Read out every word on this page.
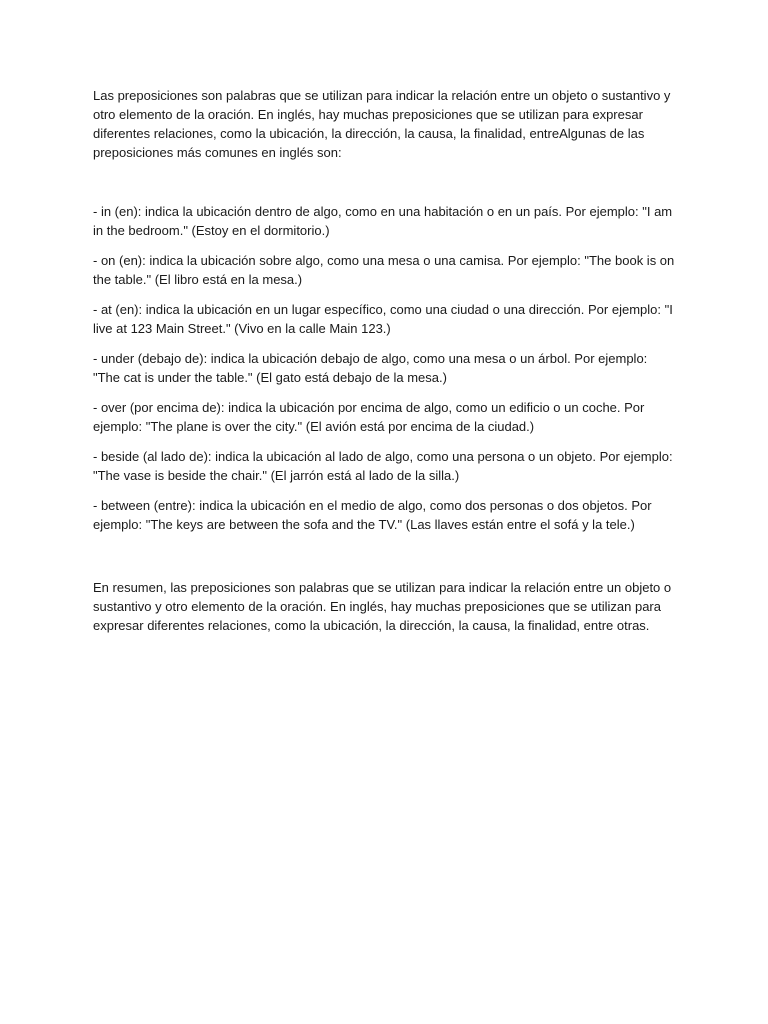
Las preposiciones son palabras que se utilizan para indicar la relación entre un objeto o sustantivo y otro elemento de la oración. En inglés, hay muchas preposiciones que se utilizan para expresar diferentes relaciones, como la ubicación, la dirección, la causa, la finalidad, entreAlgunas de las preposiciones más comunes en inglés son:

- in (en): indica la ubicación dentro de algo, como en una habitación o en un país. Por ejemplo: "I am in the bedroom." (Estoy en el dormitorio.)

- on (en): indica la ubicación sobre algo, como una mesa o una camisa. Por ejemplo: "The book is on the table." (El libro está en la mesa.)

- at (en): indica la ubicación en un lugar específico, como una ciudad o una dirección. Por ejemplo: "I live at 123 Main Street." (Vivo en la calle Main 123.)

- under (debajo de): indica la ubicación debajo de algo, como una mesa o un árbol. Por ejemplo: "The cat is under the table." (El gato está debajo de la mesa.)

- over (por encima de): indica la ubicación por encima de algo, como un edificio o un coche. Por ejemplo: "The plane is over the city." (El avión está por encima de la ciudad.)

- beside (al lado de): indica la ubicación al lado de algo, como una persona o un objeto. Por ejemplo: "The vase is beside the chair." (El jarrón está al lado de la silla.)

- between (entre): indica la ubicación en el medio de algo, como dos personas o dos objetos. Por ejemplo: "The keys are between the sofa and the TV." (Las llaves están entre el sofá y la tele.)

En resumen, las preposiciones son palabras que se utilizan para indicar la relación entre un objeto o sustantivo y otro elemento de la oración. En inglés, hay muchas preposiciones que se utilizan para expresar diferentes relaciones, como la ubicación, la dirección, la causa, la finalidad, entre otras.
